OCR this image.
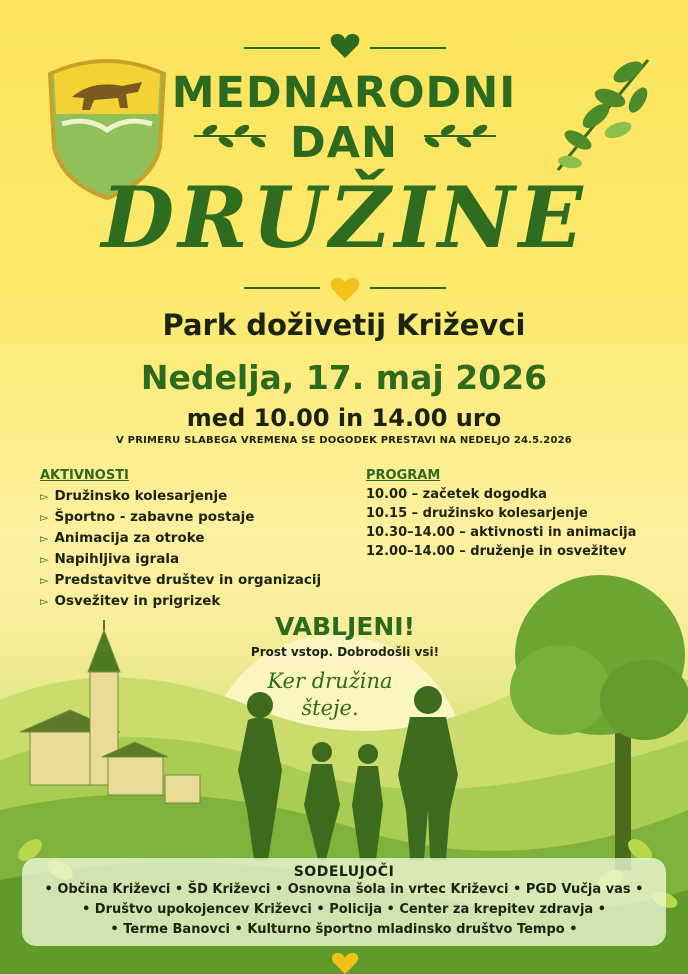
MEDNARODNI
DAN
DRUŽINE
Park doživetij Križevci
Nedelja, 17. maj 2026
med 10.00 in 14.00 uro
V PRIMERU SLABEGA VREMENA SE DOGODEK PRESTAVI NA NEDELJO 24.5.2026
AKTIVNOSTI
▻ Družinsko kolesarjenje
▻ Športno - zabavne postaje
▻ Animacija za otroke
▻ Napihljiva igrala
▻ Predstavitve društev in organizacij
▻ Osvežitev in prigrizek
PROGRAM
10.00 – začetek dogodka
10.15 – družinsko kolesarjenje
10.30–14.00 – aktivnosti in animacija
12.00–14.00 – druženje in osvežitev
VABLJENI!
Prost vstop. Dobrodošli vsi!
Ker družina
šteje.
SODELUJOČI
• Občina Križevci • ŠD Križevci • Osnovna šola in vrtec Križevci • PGD Vučja vas •
• Društvo upokojencev Križevci • Policija • Center za krepitev zdravja •
• Terme Banovci • Kulturno športno mladinsko društvo Tempo •
